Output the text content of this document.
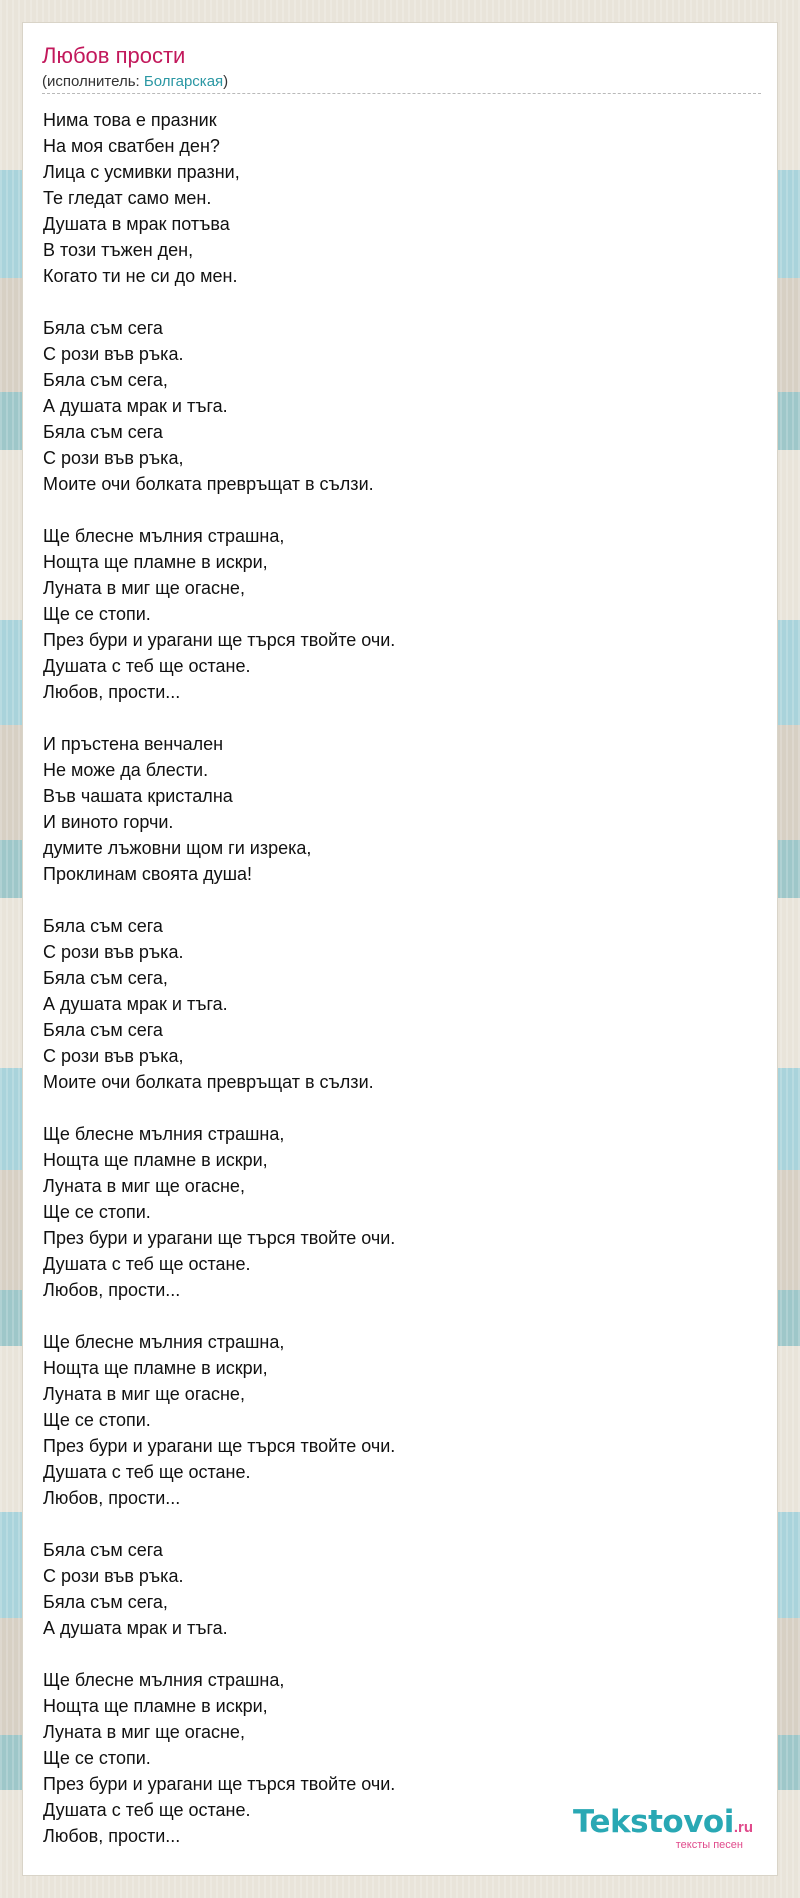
Любов прости
(исполнитель: Болгарская)
Нима това е празник
На моя сватбен ден?
Лица с усмивки празни,
Те гледат само мен.
Душата в мрак потъва
В този тъжен ден,
Когато ти не си до мен.
Бяла съм сега
С рози във ръка.
Бяла съм сега,
А душата мрак и тъга.
Бяла съм сега
С рози във ръка,
Моите очи болката превръщат в сълзи.
Ще блесне мълния страшна,
Нощта ще пламне в искри,
Луната в миг ще огасне,
Ще се стопи.
През бури и урагани ще търся твойте очи.
Душата с теб ще остане.
Любов, прости...
И пръстена венчален
Не може да блести.
Във чашата кристална
И виното горчи.
думите лъжовни щом ги изрека,
Проклинам своята душа!
Бяла съм сега
С рози във ръка.
Бяла съм сега,
А душата мрак и тъга.
Бяла съм сега
С рози във ръка,
Моите очи болката превръщат в сълзи.
Ще блесне мълния страшна,
Нощта ще пламне в искри,
Луната в миг ще огасне,
Ще се стопи.
През бури и урагани ще търся твойте очи.
Душата с теб ще остане.
Любов, прости...
Ще блесне мълния страшна,
Нощта ще пламне в искри,
Луната в миг ще огасне,
Ще се стопи.
През бури и урагани ще търся твойте очи.
Душата с теб ще остане.
Любов, прости...
Бяла съм сега
С рози във ръка.
Бяла съм сега,
А душата мрак и тъга.
Ще блесне мълния страшна,
Нощта ще пламне в искри,
Луната в миг ще огасне,
Ще се стопи.
През бури и урагани ще търся твойте очи.
Душата с теб ще остане.
Любов, прости...	Tekstovoi.ru
тексты песен
